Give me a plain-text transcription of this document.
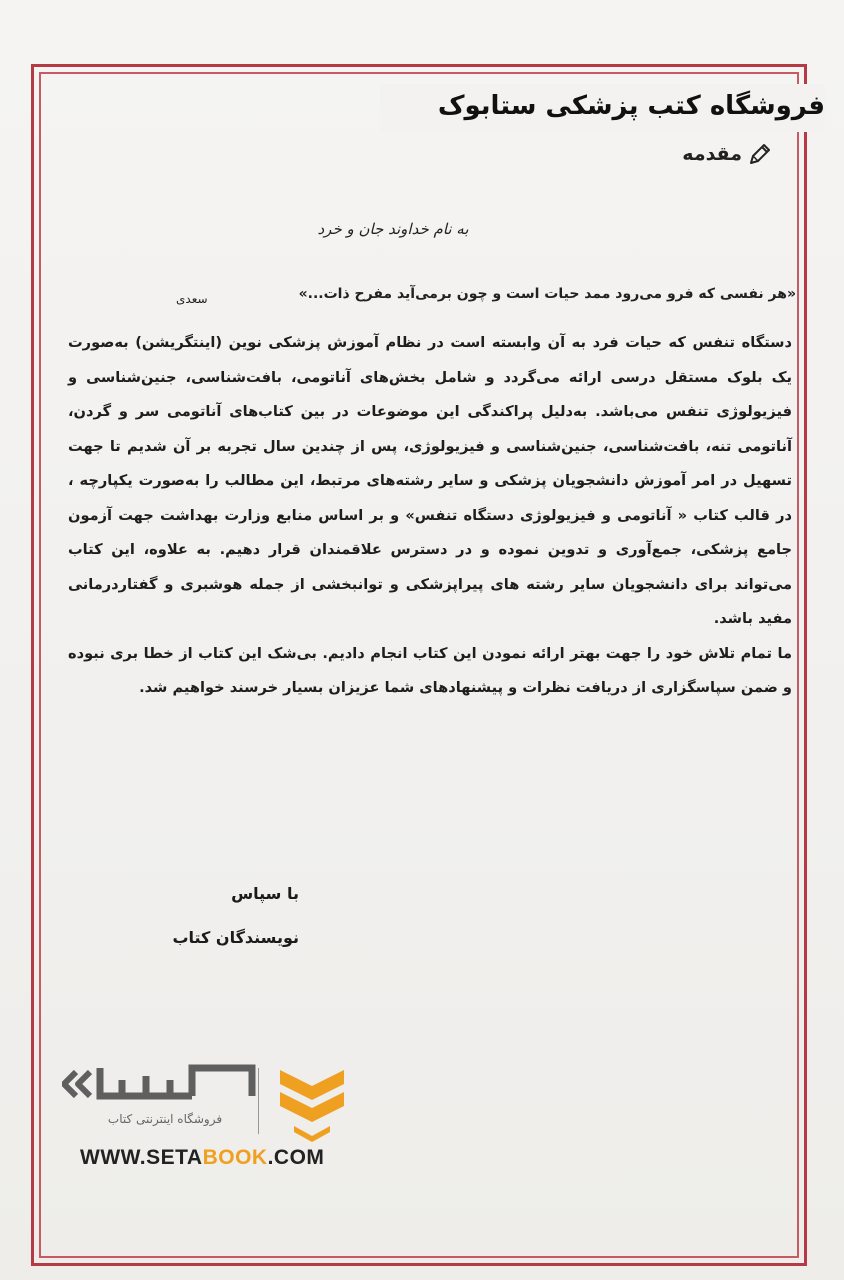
فروشگاه کتب پزشکی ستابوک
مقدمه
به نام خداوند جان و خرد
«هر نفسی که فرو می‌رود ممد حیات است و چون برمی‌آید مفرح ذات...»
سعدی

دستگاه تنفس که حیات فرد به آن وابسته است در نظام آموزش پزشکی نوین (اینتگریشن) به‌صورت یک بلوک مستقل درسی ارائه می‌گردد و شامل بخش‌های آناتومی، بافت‌شناسی، جنین‌شناسی و فیزیولوژی تنفس می‌باشد. به‌دلیل پراکندگی این موضوعات در بین کتاب‌های آناتومی سر و گردن، آناتومی تنه، بافت‌شناسی، جنین‌شناسی و فیزیولوژی، پس از چندین سال تجربه بر آن شدیم تا جهت تسهیل در امر آموزش دانشجویان پزشکی و سایر رشته‌های مرتبط، این مطالب را به‌صورت یکپارچه ، در قالب کتاب « آناتومی و فیزیولوژی دستگاه تنفس» و بر اساس منابع وزارت بهداشت جهت آزمون جامع پزشکی، جمع‌آوری و تدوین نموده و در دسترس علاقمندان قرار دهیم. به علاوه، این کتاب می‌تواند برای دانشجویان سایر رشته های پیراپزشکی و توانبخشی از جمله هوشبری و گفتاردرمانی مفید باشد.

ما تمام تلاش خود را جهت بهتر ارائه نمودن این کتاب انجام دادیم. بی‌شک این کتاب از خطا بری نبوده و ضمن سپاسگزاری از دریافت نظرات و پیشنهادهای شما عزیزان بسیار خرسند خواهیم شد.

با سپاس
نویسندگان کتاب
فروشگاه اینترنتی کتاب
WWW.SETABOOK.COM
